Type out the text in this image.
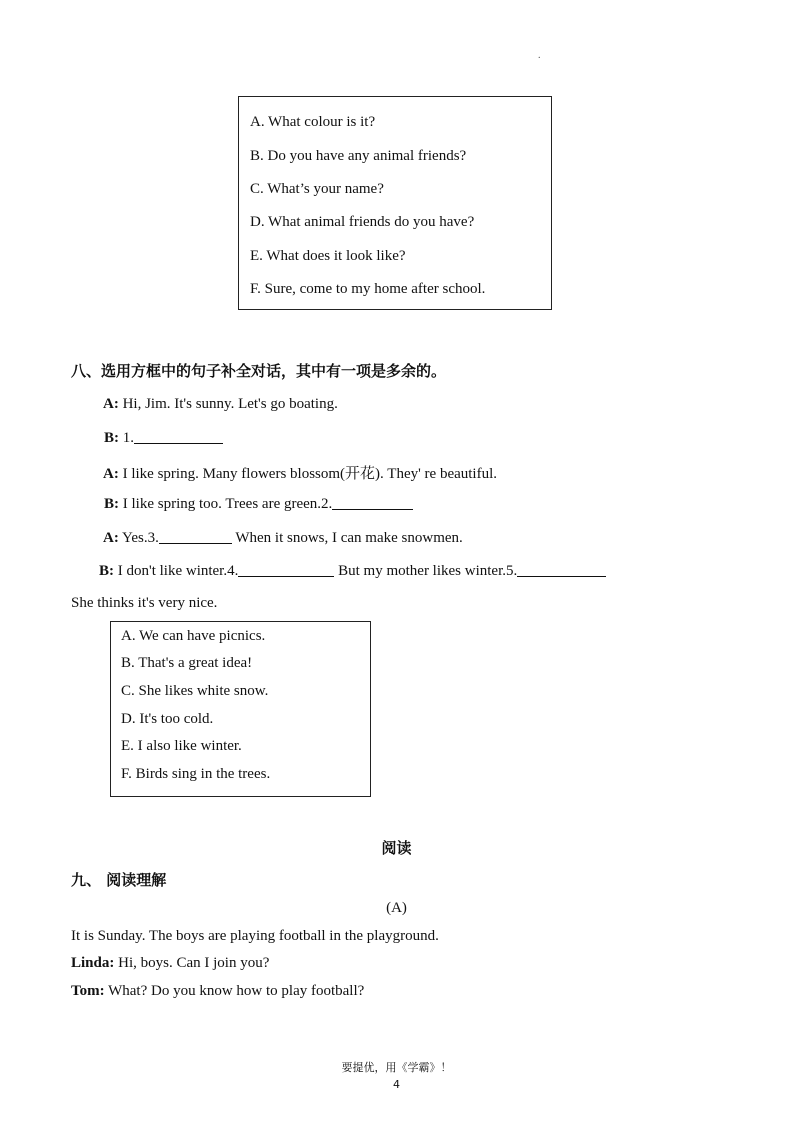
.
A. What colour is it?
B. Do you have any animal friends?
C. What’s your name?
D. What animal friends do you have?
E. What does it look like?
F. Sure, come to my home after school.
八、选用方框中的句子补全对话，其中有一项是多余的。
A: Hi, Jim. It's sunny. Let's go boating.
B: 1.
A: I like spring. Many flowers blossom(开花). They' re beautiful.
B: I like spring too. Trees are green.2.
A: Yes.3.	When it snows, I can make snowmen.
B: I don't like winter.4.	But my mother likes winter.5.
She thinks it's very nice.
A. We can have picnics.
B. That's a great idea!
C. She likes white snow.
D. It's too cold.
E. I also like winter.
F. Birds sing in the trees.
阅读
九、 阅读理解
(A)
It is Sunday. The boys are playing football in the playground.
Linda: Hi, boys. Can I join you?
Tom: What? Do you know how to play football?
要提优，用《学霸》！
4
